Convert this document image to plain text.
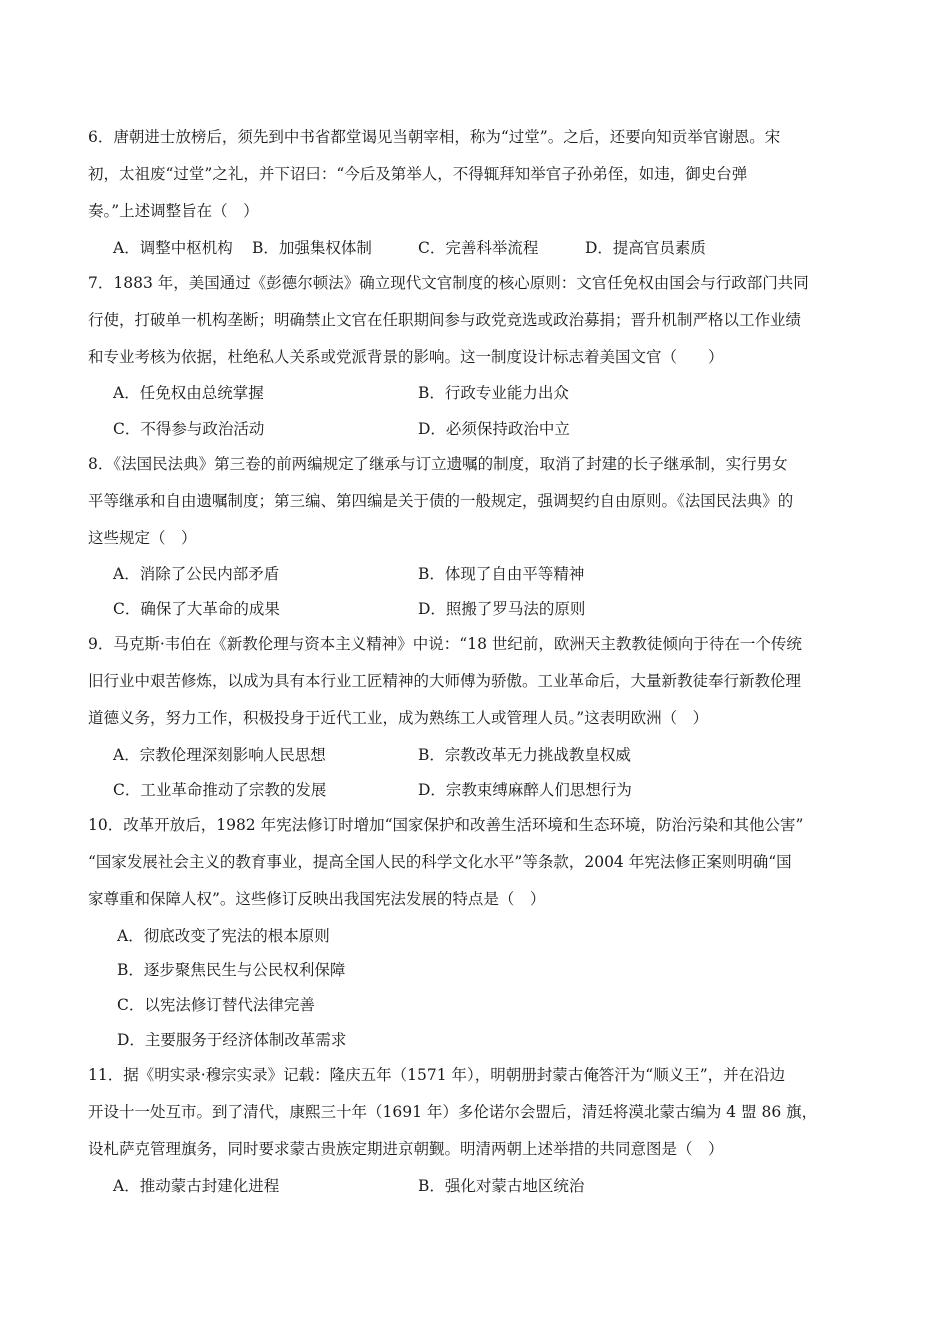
6．唐朝进士放榜后，须先到中书省都堂谒见当朝宰相，称为“过堂”。之后，还要向知贡举官谢恩。宋
初，太祖废“过堂”之礼，并下诏曰：“今后及第举人，不得辄拜知举官子孙弟侄，如违，御史台弹
奏。”上述调整旨在（　）
A．调整中枢机构 B．加强集权体制	C．完善科举流程	D．提高官员素质
7．1883 年，美国通过《彭德尔顿法》确立现代文官制度的核心原则：文官任免权由国会与行政部门共同
行使，打破单一机构垄断；明确禁止文官在任职期间参与政党竞选或政治募捐；晋升机制严格以工作业绩
和专业考核为依据，杜绝私人关系或党派背景的影响。这一制度设计标志着美国文官（　　）
A．任免权由总统掌握	B．行政专业能力出众
C．不得参与政治活动	D．必须保持政治中立
8．《法国民法典》第三卷的前两编规定了继承与订立遗嘱的制度，取消了封建的长子继承制，实行男女
平等继承和自由遗嘱制度；第三编、第四编是关于债的一般规定，强调契约自由原则。《法国民法典》的
这些规定（　）
A．消除了公民内部矛盾	B．体现了自由平等精神
C．确保了大革命的成果	D．照搬了罗马法的原则
9．马克斯·韦伯在《新教伦理与资本主义精神》中说：“18 世纪前，欧洲天主教教徒倾向于待在一个传统
旧行业中艰苦修炼，以成为具有本行业工匠精神的大师傅为骄傲。工业革命后，大量新教徒奉行新教伦理
道德义务，努力工作，积极投身于近代工业，成为熟练工人或管理人员。”这表明欧洲（　）
A．宗教伦理深刻影响人民思想	B．宗教改革无力挑战教皇权威
C．工业革命推动了宗教的发展	D．宗教束缚麻醉人们思想行为
10．改革开放后，1982 年宪法修订时增加“国家保护和改善生活环境和生态环境，防治污染和其他公害”
“国家发展社会主义的教育事业，提高全国人民的科学文化水平”等条款，2004 年宪法修正案则明确“国
家尊重和保障人权”。这些修订反映出我国宪法发展的特点是（　）
A．彻底改变了宪法的根本原则
B．逐步聚焦民生与公民权利保障
C．以宪法修订替代法律完善
D．主要服务于经济体制改革需求
11．据《明实录·穆宗实录》记载：隆庆五年（1571 年），明朝册封蒙古俺答汗为“顺义王”，并在沿边
开设十一处互市。到了清代，康熙三十年（1691 年）多伦诺尔会盟后，清廷将漠北蒙古编为 4 盟 86 旗，
设札萨克管理旗务，同时要求蒙古贵族定期进京朝觐。明清两朝上述举措的共同意图是（　）
A．推动蒙古封建化进程	B．强化对蒙古地区统治
